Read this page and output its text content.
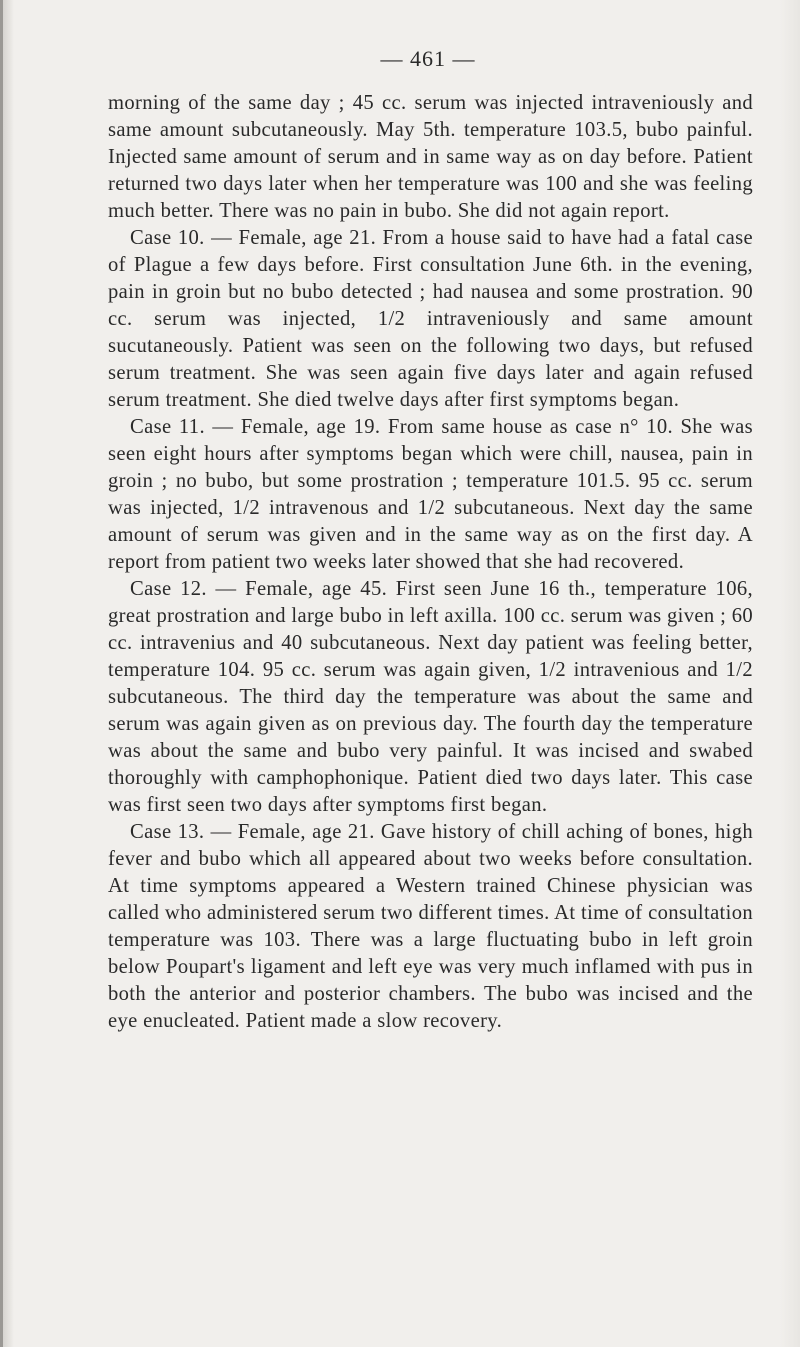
— 461 —

morning of the same day ; 45 cc. serum was injected intraveniously and same amount subcutaneously. May 5th. temperature 103.5, bubo painful. Injected same amount of serum and in same way as on day before. Patient returned two days later when her temperature was 100 and she was feeling much better. There was no pain in bubo. She did not again report.

Case 10. — Female, age 21. From a house said to have had a fatal case of Plague a few days before. First consultation June 6th. in the evening, pain in groin but no bubo detected ; had nausea and some prostration. 90 cc. serum was injected, 1/2 intraveniously and same amount sucutaneously. Patient was seen on the following two days, but refused serum treatment. She was seen again five days later and again refused serum treatment. She died twelve days after first symptoms began.

Case 11. — Female, age 19. From same house as case n° 10. She was seen eight hours after symptoms began which were chill, nausea, pain in groin ; no bubo, but some prostration ; temperature 101.5. 95 cc. serum was injected, 1/2 intravenous and 1/2 subcutaneous. Next day the same amount of serum was given and in the same way as on the first day. A report from patient two weeks later showed that she had recovered.

Case 12. — Female, age 45. First seen June 16 th., temperature 106, great prostration and large bubo in left axilla. 100 cc. serum was given ; 60 cc. intravenius and 40 subcutaneous. Next day patient was feeling better, temperature 104. 95 cc. serum was again given, 1/2 intravenious and 1/2 subcutaneous. The third day the temperature was about the same and serum was again given as on previous day. The fourth day the temperature was about the same and bubo very painful. It was incised and swabed thoroughly with camphophonique. Patient died two days later. This case was first seen two days after symptoms first began.

Case 13. — Female, age 21. Gave history of chill aching of bones, high fever and bubo which all appeared about two weeks before consultation. At time symptoms appeared a Western trained Chinese physician was called who administered serum two different times. At time of consultation temperature was 103. There was a large fluctuating bubo in left groin below Poupart's ligament and left eye was very much inflamed with pus in both the anterior and posterior chambers. The bubo was incised and the eye enucleated. Patient made a slow recovery.
